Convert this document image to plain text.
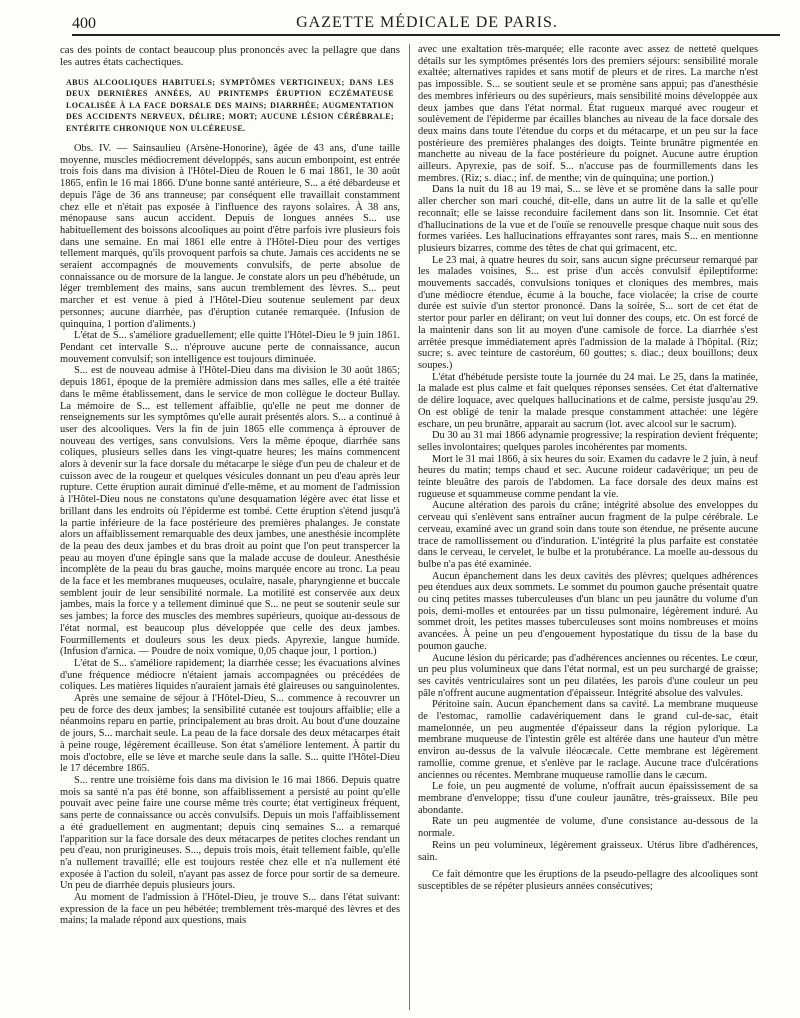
400	GAZETTE MÉDICALE DE PARIS.

cas des points de contact beaucoup plus prononcés avec la pellagre que dans les autres états cachectiques.

ABUS ALCOOLIQUES HABITUELS; SYMPTÔMES VERTIGINEUX; DANS LES DEUX DERNIÈRES ANNÉES, AU PRINTEMPS ÉRUPTION ECZÉMATEUSE LOCALISÉE À LA FACE DORSALE DES MAINS; DIARRHÉE; AUGMENTATION DES ACCIDENTS NERVEUX, DÉLIRE; MORT; AUCUNE LÉSION CÉRÉBRALE; ENTÉRITE CHRONIQUE NON ULCÉREUSE.

Obs. IV. — Sainsaulieu (Arsène-Honorine), âgée de 43 ans, d'une taille moyenne, muscles médiocrement développés, sans aucun embonpoint, est entrée trois fois dans ma division à l'Hôtel-Dieu de Rouen le 6 mai 1861, le 30 août 1865, enfin le 16 mai 1866. D'une bonne santé antérieure, S... a été débardeuse et depuis l'âge de 36 ans tranneuse; par conséquent elle travaillait constamment chez elle et n'était pas exposée à l'influence des rayons solaires. À 38 ans, ménopause sans aucun accident. Depuis de longues années S... use habituellement des boissons alcooliques au point d'être parfois ivre plusieurs fois dans une semaine. En mai 1861 elle entre à l'Hôtel-Dieu pour des vertiges tellement marqués, qu'ils provoquent parfois sa chute. Jamais ces accidents ne se seraient accompagnés de mouvements convulsifs, de perte absolue de connaissance ou de morsure de la langue. Je constate alors un peu d'hébétude, un léger tremblement des mains, sans aucun tremblement des lèvres. S... peut marcher et est venue à pied à l'Hôtel-Dieu soutenue seulement par deux personnes; aucune diarrhée, pas d'éruption cutanée remarquée. (Infusion de quinquina, 1 portion d'aliments.)

L'état de S... s'améliore graduellement; elle quitte l'Hôtel-Dieu le 9 juin 1861. Pendant cet intervalle S... n'éprouve aucune perte de connaissance, aucun mouvement convulsif; son intelligence est toujours diminuée.

S... est de nouveau admise à l'Hôtel-Dieu dans ma division le 30 août 1865; depuis 1861, époque de la première admission dans mes salles, elle a été traitée dans le même établissement, dans le service de mon collègue le docteur Bullay. La mémoire de S... est tellement affaiblie, qu'elle ne peut me donner de renseignements sur les symptômes qu'elle aurait présentés alors. S... a continué à user des alcooliques. Vers la fin de juin 1865 elle commença à éprouver de nouveau des vertiges, sans convulsions. Vers la même époque, diarrhée sans coliques, plusieurs selles dans les vingt-quatre heures; les mains commencent alors à devenir sur la face dorsale du métacarpe le siège d'un peu de chaleur et de cuisson avec de la rougeur et quelques vésicules donnant un peu d'eau après leur rupture. Cette éruption aurait diminué d'elle-même, et au moment de l'admission à l'Hôtel-Dieu nous ne constatons qu'une desquamation légère avec état lisse et brillant dans les endroits où l'épiderme est tombé. Cette éruption s'étend jusqu'à la partie inférieure de la face postérieure des premières phalanges. Je constate alors un affaiblissement remarquable des deux jambes, une anesthésie incomplète de la peau des deux jambes et du bras droit au point que l'on peut transpercer la peau au moyen d'une épingle sans que la malade accuse de douleur. Anesthésie incomplète de la peau du bras gauche, moins marquée encore au tronc. La peau de la face et les membranes muqueuses, oculaire, nasale, pharyngienne et buccale semblent jouir de leur sensibilité normale. La motilité est conservée aux deux jambes, mais la force y a tellement diminué que S... ne peut se soutenir seule sur ses jambes; la force des muscles des membres supérieurs, quoique au-dessous de l'état normal, est beaucoup plus développée que celle des deux jambes. Fourmillements et douleurs sous les deux pieds. Apyrexie, langue humide. (Infusion d'arnica. — Poudre de noix vomique, 0,05 chaque jour, 1 portion.)

L'état de S... s'améliore rapidement; la diarrhée cesse; les évacuations alvines d'une fréquence médiocre n'étaient jamais accompagnées ou précédées de coliques. Les matières liquides n'auraient jamais été glaireuses ou sanguinolentes.

Après une semaine de séjour à l'Hôtel-Dieu, S... commence à recouvrer un peu de force des deux jambes; la sensibilité cutanée est toujours affaiblie; elle a néanmoins reparu en partie, principalement au bras droit. Au bout d'une douzaine de jours, S... marchait seule. La peau de la face dorsale des deux métacarpes était à peine rouge, légèrement écailleuse. Son état s'améliore lentement. À partir du mois d'octobre, elle se lève et marche seule dans la salle. S... quitte l'Hôtel-Dieu le 17 décembre 1865.

S... rentre une troisième fois dans ma division le 16 mai 1866. Depuis quatre mois sa santé n'a pas été bonne, son affaiblissement a persisté au point qu'elle pouvait avec peine faire une course même très courte; état vertigineux fréquent, sans perte de connaissance ou accès convulsifs. Depuis un mois l'affaiblissement a été graduellement en augmentant; depuis cinq semaines S... a remarqué l'apparition sur la face dorsale des deux métacarpes de petites cloches rendant un peu d'eau, non prurigineuses. S..., depuis trois mois, était tellement faible, qu'elle n'a nullement travaillé; elle est toujours restée chez elle et n'a nullement été exposée à l'action du soleil, n'ayant pas assez de force pour sortir de sa demeure. Un peu de diarrhée depuis plusieurs jours.

Au moment de l'admission à l'Hôtel-Dieu, je trouve S... dans l'état suivant: expression de la face un peu hébétée; tremblement très-marqué des lèvres et des mains; la malade répond aux questions, mais

avec une exaltation très-marquée; elle raconte avec assez de netteté quelques détails sur les symptômes présentés lors des premiers séjours: sensibilité morale exaltée; alternatives rapides et sans motif de pleurs et de rires. La marche n'est pas impossible. S... se soutient seule et se promène sans appui; pas d'anesthésie des membres inférieurs ou des supérieurs, mais sensibilité moins développée aux deux jambes que dans l'état normal. État rugueux marqué avec rougeur et soulèvement de l'épiderme par écailles blanches au niveau de la face dorsale des deux mains dans toute l'étendue du corps et du métacarpe, et un peu sur la face postérieure des premières phalanges des doigts. Teinte brunâtre pigmentée en manchette au niveau de la face postérieure du poignet. Aucune autre éruption ailleurs. Apyrexie, pas de soif. S... n'accuse pas de fourmillements dans les membres. (Riz; s. diac.; inf. de menthe; vin de quinquina; une portion.)

Dans la nuit du 18 au 19 mai, S... se lève et se promène dans la salle pour aller chercher son mari couché, dit-elle, dans un autre lit de la salle et qu'elle reconnaît; elle se laisse reconduire facilement dans son lit. Insomnie. Cet état d'hallucinations de la vue et de l'ouïe se renouvelle presque chaque nuit sous des formes variées. Les hallucinations effrayantes sont rares, mais S... en mentionne plusieurs bizarres, comme des têtes de chat qui grimacent, etc.

Le 23 mai, à quatre heures du soir, sans aucun signe précurseur remarqué par les malades voisines, S... est prise d'un accès convulsif épileptiforme: mouvements saccadés, convulsions toniques et cloniques des membres, mais d'une médiocre étendue, écume à la bouche, face violacée; la crise de courte durée est suivie d'un stertor prononcé. Dans la soirée, S... sort de cet état de stertor pour parler en délirant; on veut lui donner des coups, etc. On est forcé de la maintenir dans son lit au moyen d'une camisole de force. La diarrhée s'est arrêtée presque immédiatement après l'admission de la malade à l'hôpital. (Riz; sucre; s. avec teinture de castoréum, 60 gouttes; s. diac.; deux bouillons; deux soupes.)

L'état d'hébétude persiste toute la journée du 24 mai. Le 25, dans la matinée, la malade est plus calme et fait quelques réponses sensées. Cet état d'alternative de délire loquace, avec quelques hallucinations et de calme, persiste jusqu'au 29. On est obligé de tenir la malade presque constamment attachée: une légère eschare, un peu brunâtre, apparait au sacrum (lot. avec alcool sur le sacrum).

Du 30 au 31 mai 1866 adynamie progressive; la respiration devient fréquente; selles involontaires; quelques paroles incohérentes par moments.

Mort le 31 mai 1866, à six heures du soir. Examen du cadavre le 2 juin, à neuf heures du matin; temps chaud et sec. Aucune roideur cadavérique; un peu de teinte bleuâtre des parois de l'abdomen. La face dorsale des deux mains est rugueuse et squammeuse comme pendant la vie.

Aucune altération des parois du crâne; intégrité absolue des enveloppes du cerveau qui s'enlèvent sans entraîner aucun fragment de la pulpe cérébrale. Le cerveau, examiné avec un grand soin dans toute son étendue, ne présente aucune trace de ramollissement ou d'induration. L'intégrité la plus parfaite est constatée dans le cerveau, le cervelet, le bulbe et la protubérance. La moelle au-dessous du bulbe n'a pas été examinée.

Aucun épanchement dans les deux cavités des plèvres; quelques adhérences peu étendues aux deux sommets. Le sommet du poumon gauche présentait quatre ou cinq petites masses tuberculeuses d'un blanc un peu jaunâtre du volume d'un pois, demi-molles et entourées par un tissu pulmonaire, légèrement induré. Au sommet droit, les petites masses tuberculeuses sont moins nombreuses et moins avancées. À peine un peu d'engouement hypostatique du tissu de la base du poumon gauche.

Aucune lésion du péricarde; pas d'adhérences anciennes ou récentes. Le cœur, un peu plus volumineux que dans l'état normal, est un peu surchargé de graisse; ses cavités ventriculaires sont un peu dilatées, les parois d'une couleur un peu pâle n'offrent aucune augmentation d'épaisseur. Intégrité absolue des valvules.

Péritoine sain. Aucun épanchement dans sa cavité. La membrane muqueuse de l'estomac, ramollie cadavériquement dans le grand cul-de-sac, était mamelonnée, un peu augmentée d'épaisseur dans la région pylorique. La membrane muqueuse de l'intestin grêle est altérée dans une hauteur d'un mètre environ au-dessus de la valvule iléocæcale. Cette membrane est légèrement ramollie, comme grenue, et s'enlève par le raclage. Aucune trace d'ulcérations anciennes ou récentes. Membrane muqueuse ramollie dans le cæcum.

Le foie, un peu augmenté de volume, n'offrait aucun épaississement de sa membrane d'enveloppe; tissu d'une couleur jaunâtre, très-graisseux. Bile peu abondante.

Rate un peu augmentée de volume, d'une consistance au-dessous de la normale.

Reins un peu volumineux, légèrement graisseux. Utérus libre d'adhérences, sain.

Ce fait démontre que les éruptions de la pseudo-pellagre des alcooliques sont susceptibles de se répéter plusieurs années consécutives;
